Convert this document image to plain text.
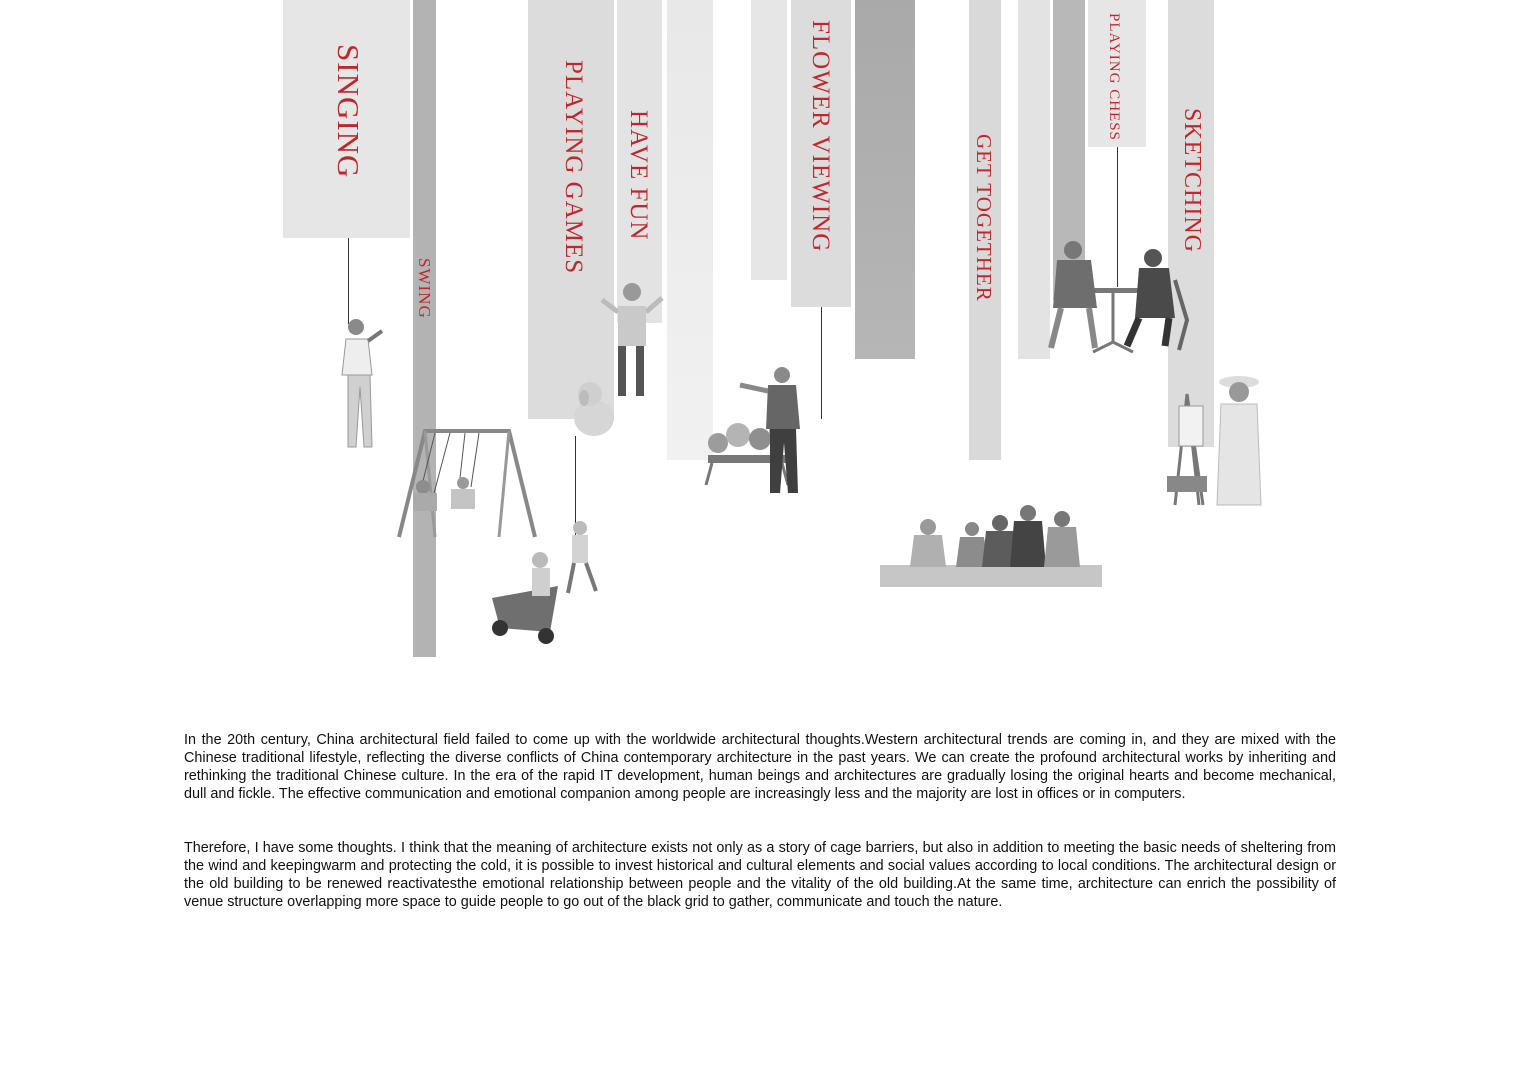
SINGING
SWING
PLAYING GAMES HAVE FUN	FLOWER VIEWING	GET TOGETHER
PLAYING CHESS
SKETCHING

In the 20th century, China architectural field failed to come up with the worldwide architectural thoughts.Western architectural trends are coming in, and they are mixed with the Chinese traditional lifestyle, reflecting the diverse conflicts of China contemporary architecture in the past years. We can create the profound architectural works by inheriting and rethinking the traditional Chinese culture. In the era of the rapid IT development, human beings and architectures are gradually losing the original hearts and become mechanical, dull and fickle. The effective communication and emotional companion among people are increasingly less and the majority are lost in offices or in computers.

Therefore, I have some thoughts. I think that the meaning of architecture exists not only as a story of cage barriers, but also in addition to meeting the basic needs of sheltering from the wind and keepingwarm and protecting the cold, it is possible to invest historical and cultural elements and social values according to local conditions. The architectural design or the old building to be renewed reactivatesthe emotional relationship between people and the vitality of the old building.At the same time, architecture can enrich the possibility of venue structure overlapping more space to guide people to go out of the black grid to gather, communicate and touch the nature.
